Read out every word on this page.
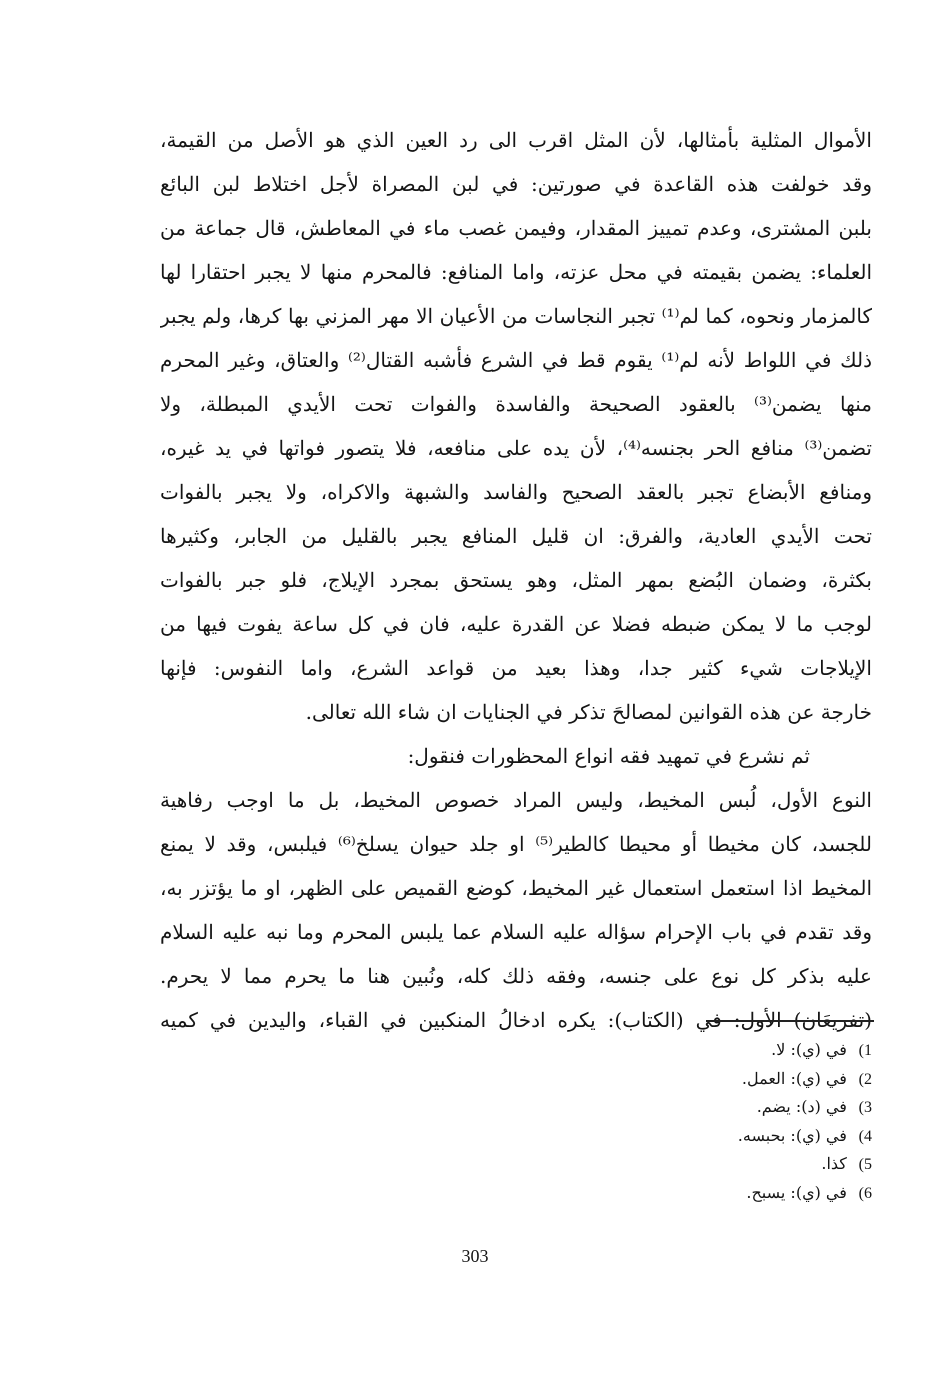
الأموال المثلية بأمثالها، لأن المثل اقرب الى رد العين الذي هو الأصل من القيمة،
وقد خولفت هذه القاعدة في صورتين: في لبن المصراة لأجل اختلاط لبن البائع
بلبن المشترى، وعدم تمييز المقدار، وفيمن غصب ماء في المعاطش، قال جماعة من
العلماء: يضمن بقيمته في محل عزته، واما المنافع: فالمحرم منها لا يجبر احتقارا لها
كالمزمار ونحوه، كما لم⁽¹⁾ تجبر النجاسات من الأعيان الا مهر المزني بها كرها، ولم يجبر
ذلك في اللواط لأنه لم⁽¹⁾ يقوم قط في الشرع فأشبه القتال⁽²⁾ والعتاق، وغير المحرم
منها يضمن⁽³⁾ بالعقود الصحيحة والفاسدة والفوات تحت الأيدي المبطلة، ولا
تضمن⁽³⁾ منافع الحر بجنسه⁽⁴⁾، لأن يده على منافعه، فلا يتصور فواتها في يد غيره،
ومنافع الأبضاع تجبر بالعقد الصحيح والفاسد والشبهة والاكراه، ولا يجبر بالفوات
تحت الأيدي العادية، والفرق: ان قليل المنافع يجبر بالقليل من الجابر، وكثيرها
بكثرة، وضمان البُضع بمهر المثل، وهو يستحق بمجرد الإيلاج، فلو جبر بالفوات
لوجب ما لا يمكن ضبطه فضلا عن القدرة عليه، فان في كل ساعة يفوت فيها من
الإيلاجات شيء كثير جدا، وهذا بعيد من قواعد الشرع، واما النفوس: فإنها
خارجة عن هذه القوانين لمصالحَ تذكر في الجنايات ان شاء الله تعالى.
ثم نشرع في تمهيد فقه انواع المحظورات فنقول:
النوع الأول، لُبس المخيط، وليس المراد خصوص المخيط، بل ما اوجب رفاهية
للجسد، كان مخيطا أو محيطا كالطير⁽⁵⁾ او جلد حيوان يسلخ⁽⁶⁾ فيلبس، وقد لا يمنع
المخيط اذا استعمل استعمال غير المخيط، كوضع القميص على الظهر، او ما يؤتزر به،
وقد تقدم في باب الإحرام سؤاله عليه السلام عما يلبس المحرم وما نبه عليه السلام
عليه بذكر كل نوع على جنسه، وفقه ذلك كله، ونُبين هنا ما يحرم مما لا يحرم.
(تفريعَان) الأول: في (الكتاب): يكره ادخالُ المنكبين في القباء، واليدين في كميه
1) في (ي): لا.
2) في (ي): العمل.
3) في (د): يضم.
4) في (ي): بحبسه.
5) كذا.
6) في (ي): يسبح.
303
